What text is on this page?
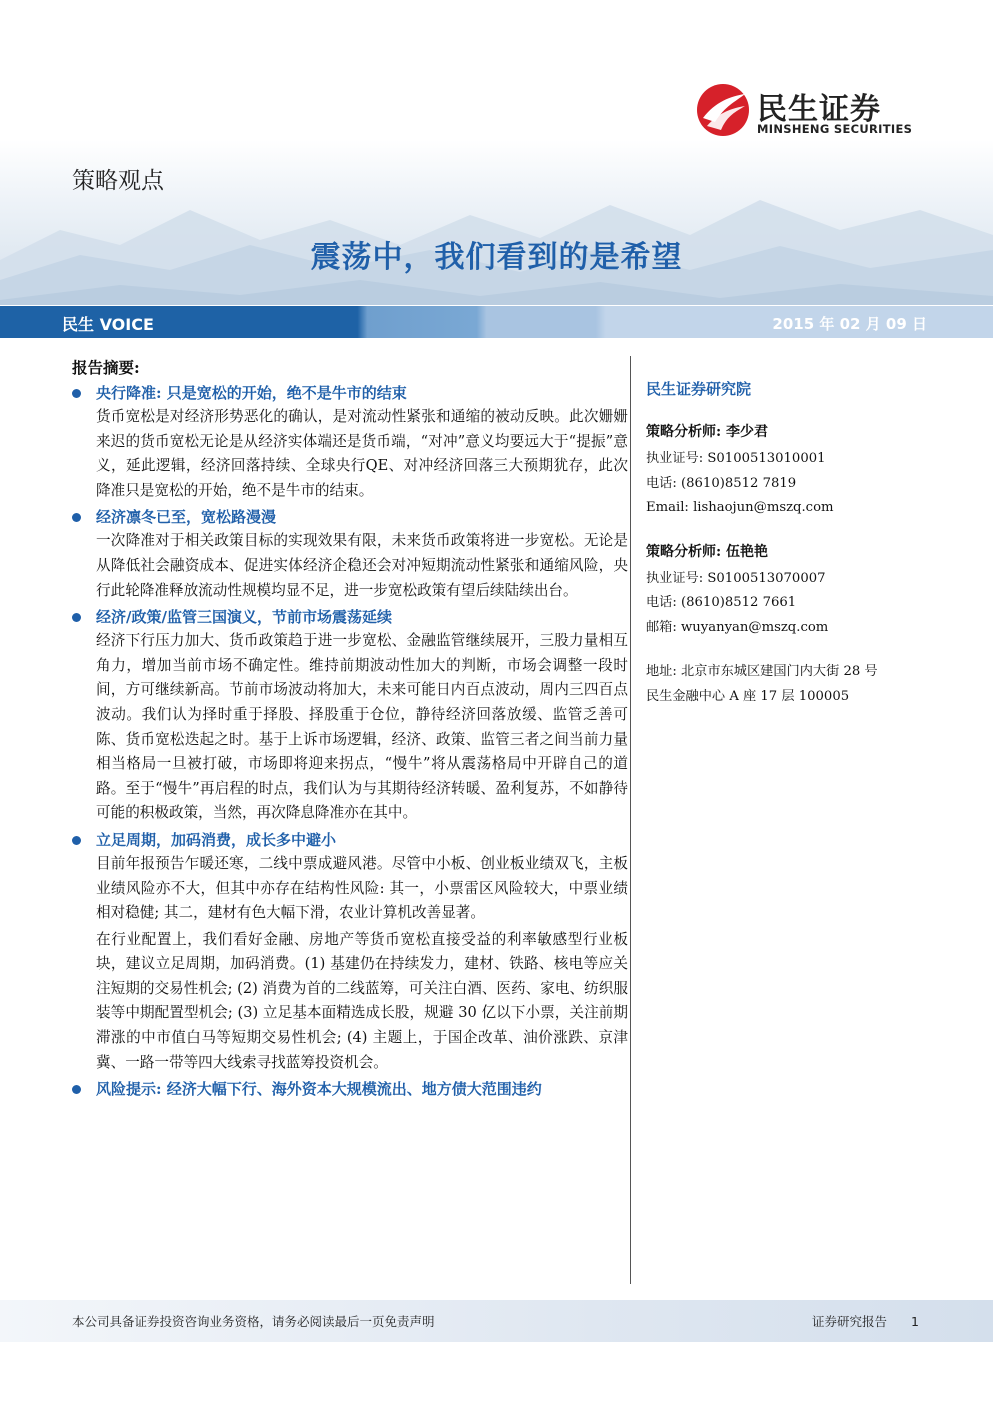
民生证券
MINSHENG SECURITIES
策略观点
震荡中，我们看到的是希望
民生 VOICE	2015 年 02 月 09 日
报告摘要:
央行降准: 只是宽松的开始，绝不是牛市的结束

货币宽松是对经济形势恶化的确认，是对流动性紧张和通缩的被动反映。此次姗姗来迟的货币宽松无论是从经济实体端还是货币端，“对冲”意义均要远大于“提振”意义，延此逻辑，经济回落持续、全球央行QE、对冲经济回落三大预期犹存，此次降准只是宽松的开始，绝不是牛市的结束。

经济凛冬已至，宽松路漫漫

一次降准对于相关政策目标的实现效果有限，未来货币政策将进一步宽松。无论是从降低社会融资成本、促进实体经济企稳还会对冲短期流动性紧张和通缩风险，央行此轮降准释放流动性规模均显不足，进一步宽松政策有望后续陆续出台。

经济/政策/监管三国演义，节前市场震荡延续

经济下行压力加大、货币政策趋于进一步宽松、金融监管继续展开，三股力量相互角力，增加当前市场不确定性。维持前期波动性加大的判断，市场会调整一段时间，方可继续新高。节前市场波动将加大，未来可能日内百点波动，周内三四百点波动。我们认为择时重于择股、择股重于仓位，静待经济回落放缓、监管乏善可陈、货币宽松迭起之时。基于上诉市场逻辑，经济、政策、监管三者之间当前力量相当格局一旦被打破，市场即将迎来拐点，“慢牛”将从震荡格局中开辟自己的道路。至于“慢牛”再启程的时点，我们认为与其期待经济转暖、盈利复苏，不如静待可能的积极政策，当然，再次降息降准亦在其中。

立足周期，加码消费，成长多中避小

目前年报预告乍暖还寒，二线中票成避风港。尽管中小板、创业板业绩双飞，主板业绩风险亦不大，但其中亦存在结构性风险: 其一，小票雷区风险较大，中票业绩相对稳健; 其二，建材有色大幅下滑，农业计算机改善显著。

在行业配置上，我们看好金融、房地产等货币宽松直接受益的利率敏感型行业板块，建议立足周期，加码消费。(1) 基建仍在持续发力，建材、铁路、核电等应关注短期的交易性机会; (2) 消费为首的二线蓝筹，可关注白酒、医药、家电、纺织服装等中期配置型机会; (3) 立足基本面精选成长股，规避 30 亿以下小票，关注前期滞涨的中市值白马等短期交易性机会; (4) 主题上，于国企改革、油价涨跌、京津冀、一路一带等四大线索寻找蓝筹投资机会。

风险提示: 经济大幅下行、海外资本大规模流出、地方债大范围违约
民生证券研究院
策略分析师: 李少君
执业证号: S0100513010001
电话: (8610)8512 7819
Email: lishaojun@mszq.com
策略分析师: 伍艳艳
执业证号: S0100513070007
电话: (8610)8512 7661
邮箱: wuyanyan@mszq.com
地址: 北京市东城区建国门内大街 28 号
民生金融中心 A 座 17 层 100005
本公司具备证券投资咨询业务资格，请务必阅读最后一页免责声明	证券研究报告 1
